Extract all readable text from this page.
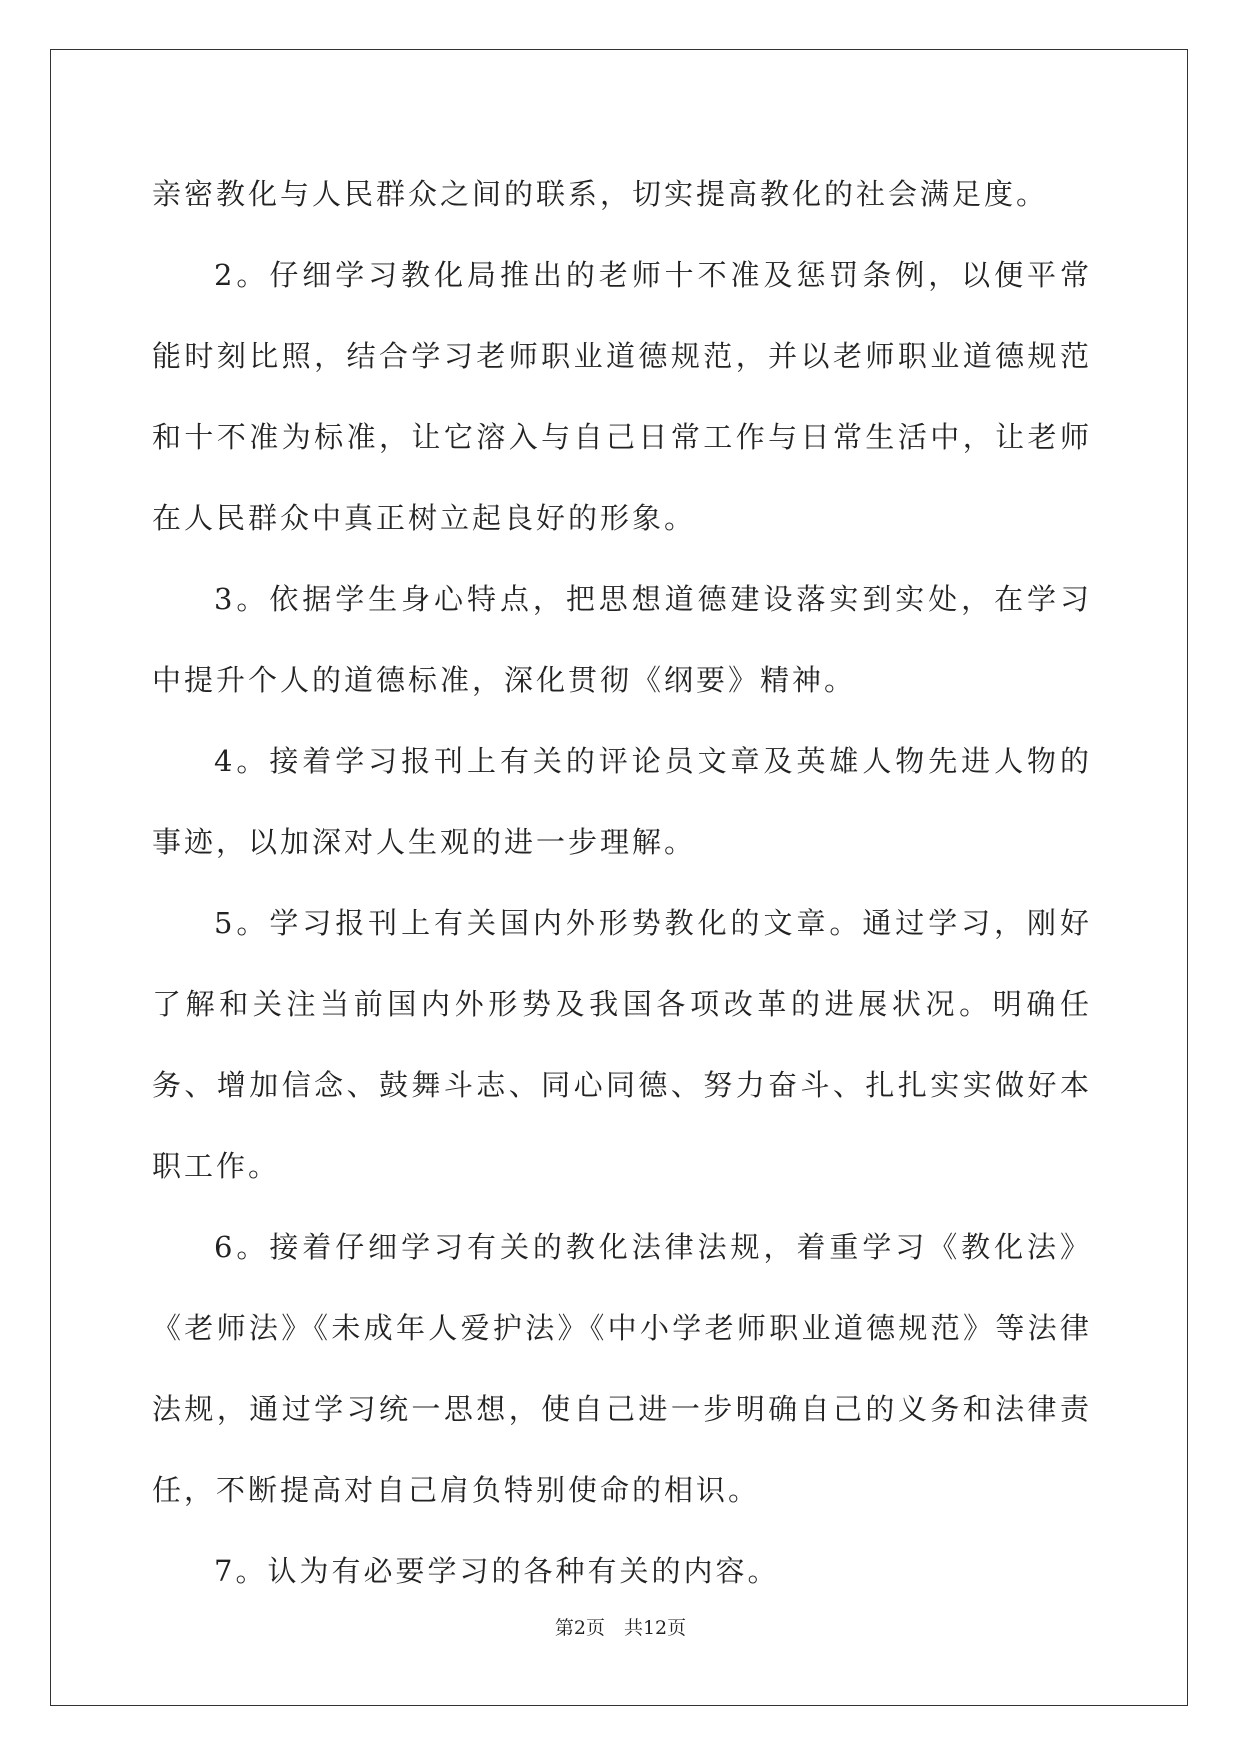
亲密教化与人民群众之间的联系，切实提高教化的社会满足度。

2。仔细学习教化局推出的老师十不准及惩罚条例，以便平常能时刻比照，结合学习老师职业道德规范，并以老师职业道德规范和十不准为标准，让它溶入与自己日常工作与日常生活中，让老师在人民群众中真正树立起良好的形象。

3。依据学生身心特点，把思想道德建设落实到实处，在学习中提升个人的道德标准，深化贯彻《纲要》精神。

4。接着学习报刊上有关的评论员文章及英雄人物先进人物的事迹，以加深对人生观的进一步理解。

5。学习报刊上有关国内外形势教化的文章。通过学习，刚好了解和关注当前国内外形势及我国各项改革的进展状况。明确任务、增加信念、鼓舞斗志、同心同德、努力奋斗、扎扎实实做好本职工作。

6。接着仔细学习有关的教化法律法规，着重学习《教化法》《老师法》《未成年人爱护法》《中小学老师职业道德规范》等法律法规，通过学习统一思想，使自己进一步明确自己的义务和法律责任，不断提高对自己肩负特别使命的相识。

7。认为有必要学习的各种有关的内容。

第2页　共12页
